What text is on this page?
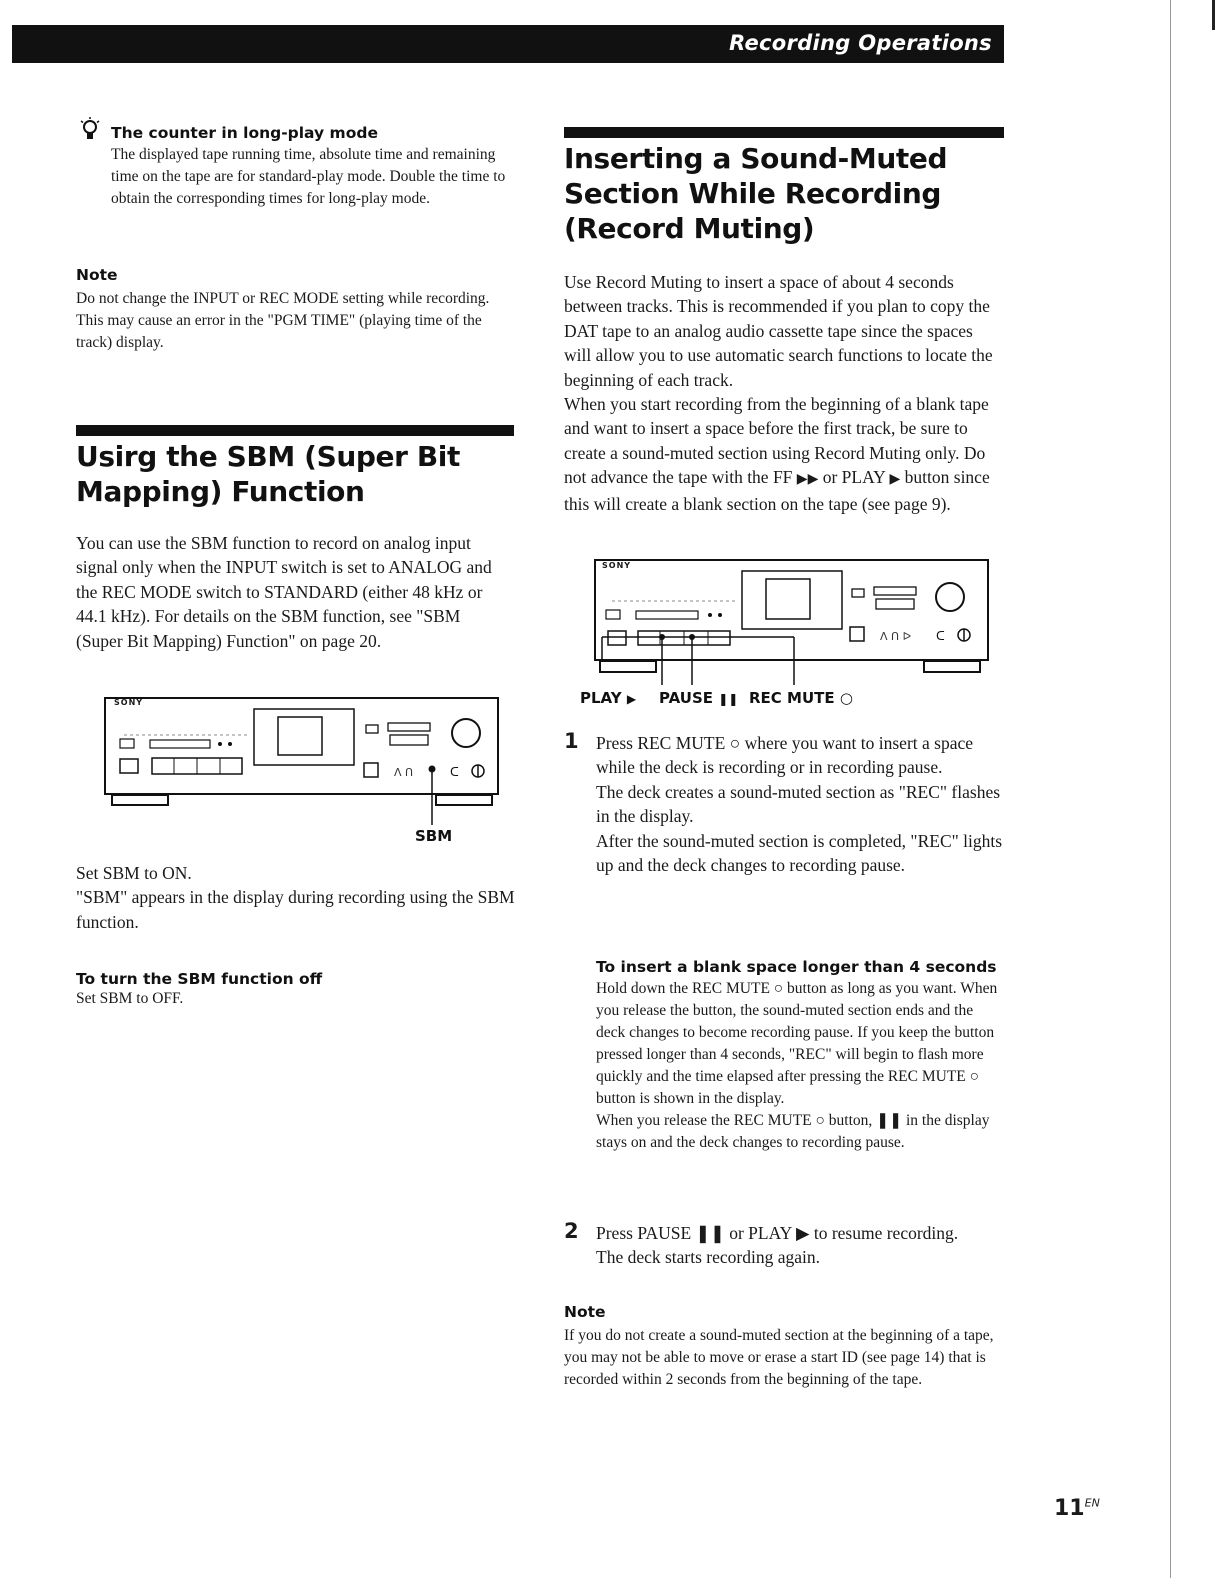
Recording Operations

The counter in long-play mode

The displayed tape running time, absolute time and remaining time on the tape are for standard-play mode. Double the time to obtain the corresponding times for long-play mode.

Note

Do not change the INPUT or REC MODE setting while recording. This may cause an error in the "PGM TIME" (playing time of the track) display.

Usirg the SBM (Super Bit

Mapping) Function

You can use the SBM function to record on analog input signal only when the INPUT switch is set to ANALOG and the REC MODE switch to STANDARD (either 48 kHz or 44.1 kHz). For details on the SBM function, see "SBM (Super Bit Mapping) Function" on page 20.

ᐱ ᑎ	ᑕ
SONY
SBM

Set SBM to ON.

"SBM" appears in the display during recording using the SBM function.

To turn the SBM function off

Set SBM to OFF.

Inserting a Sound-Muted

Section While Recording

(Record Muting)

Use Record Muting to insert a space of about 4 seconds between tracks. This is recommended if you plan to copy the DAT tape to an analog audio cassette tape since the spaces will allow you to use automatic search functions to locate the beginning of each track.

When you start recording from the beginning of a blank tape and want to insert a space before the first track, be sure to create a sound-muted section using Record Muting only. Do not advance the tape with the FF ▶▶ or PLAY ▶ button since this will create a blank section on the tape (see page 9).

ᐱ ᑎ ᐅ ᑕ
SONY
PLAY ▶ PAUSE ❚❚ REC MUTE ○
1 Press REC MUTE ○ where you want to insert a space while the deck is recording or in recording pause.

The deck creates a sound-muted section as "REC" flashes in the display.

After the sound-muted section is completed, "REC" lights up and the deck changes to recording pause.

To insert a blank space longer than 4 seconds

Hold down the REC MUTE ○ button as long as you want. When you release the button, the sound-muted section ends and the deck changes to become recording pause. If you keep the button pressed longer than 4 seconds, "REC" will begin to flash more quickly and the time elapsed after pressing the REC MUTE ○ button is shown in the display.

When you release the REC MUTE ○ button, ❚❚ in the display stays on and the deck changes to recording pause.

2 Press PAUSE ❚❚ or PLAY ▶ to resume recording.

The deck starts recording again.

Note

If you do not create a sound-muted section at the beginning of a tape, you may not be able to move or erase a start ID (see page 14) that is recorded within 2 seconds from the beginning of the tape.

$11^{EN}$
